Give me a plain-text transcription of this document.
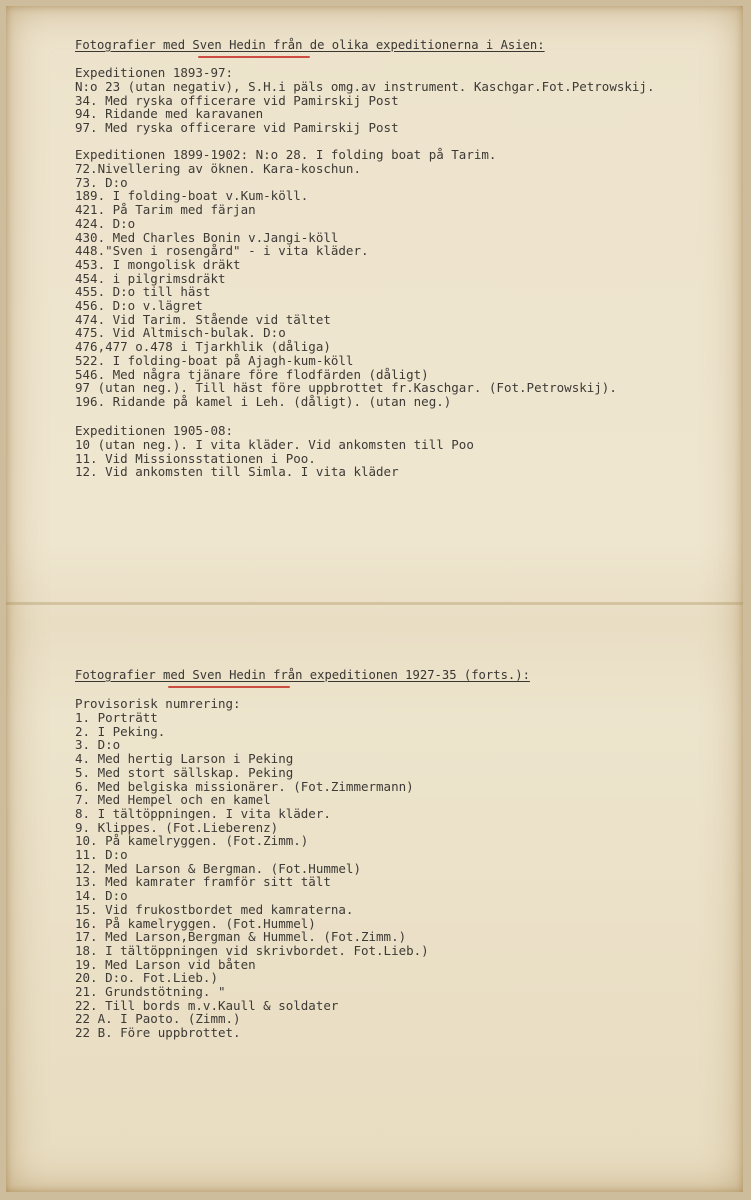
Fotografier med Sven Hedin från de olika expeditionerna i Asien:

Expeditionen 1893-97:

N:o 23 (utan negativ), S.H.i päls omg.av instrument. Kaschgar.Fot.Petrowskij.
34. Med ryska officerare vid Pamirskij Post
94. Ridande med karavanen
97. Med ryska officerare vid Pamirskij Post

Expeditionen 1899-1902: N:o 28. I folding boat på Tarim.

72.Nivellering av öknen. Kara-koschun.
73. D:o
189. I folding-boat v.Kum-köll.
421. På Tarim med färjan
424. D:o
430. Med Charles Bonin v.Jangi-köll
448."Sven i rosengård" - i vita kläder.
453. I mongolisk dräkt
454. i pilgrimsdräkt
455. D:o till häst
456. D:o v.lägret
474. Vid Tarim. Stående vid tältet
475. Vid Altmisch-bulak. D:o
476,477 o.478 i Tjarkhlik (dåliga)
522. I folding-boat på Ajagh-kum-köll
546. Med några tjänare före flodfärden (dåligt)
97 (utan neg.). Till häst före uppbrottet fr.Kaschgar. (Fot.Petrowskij).
196. Ridande på kamel i Leh. (dåligt). (utan neg.)

Expeditionen 1905-08:

10 (utan neg.). I vita kläder. Vid ankomsten till Poo
11. Vid Missionsstationen i Poo.
12. Vid ankomsten till Simla. I vita kläder
Fotografier med Sven Hedin från expeditionen 1927-35 (forts.):

Provisorisk numrering:

1. Porträtt
2. I Peking.
3. D:o
4. Med hertig Larson i Peking
5. Med stort sällskap. Peking
6. Med belgiska missionärer. (Fot.Zimmermann)
7. Med Hempel och en kamel
8. I tältöppningen. I vita kläder.
9. Klippes. (Fot.Lieberenz)
10. På kamelryggen. (Fot.Zimm.)
11. D:o
12. Med Larson & Bergman. (Fot.Hummel)
13. Med kamrater framför sitt tält
14. D:o
15. Vid frukostbordet med kamraterna.
16. På kamelryggen. (Fot.Hummel)
17. Med Larson,Bergman & Hummel. (Fot.Zimm.)
18. I tältöppningen vid skrivbordet. Fot.Lieb.)
19. Med Larson vid båten
20. D:o. Fot.Lieb.)
21. Grundstötning. "
22. Till bords m.v.Kaull & soldater
22 A. I Paoto. (Zimm.)
22 B. Före uppbrottet.
